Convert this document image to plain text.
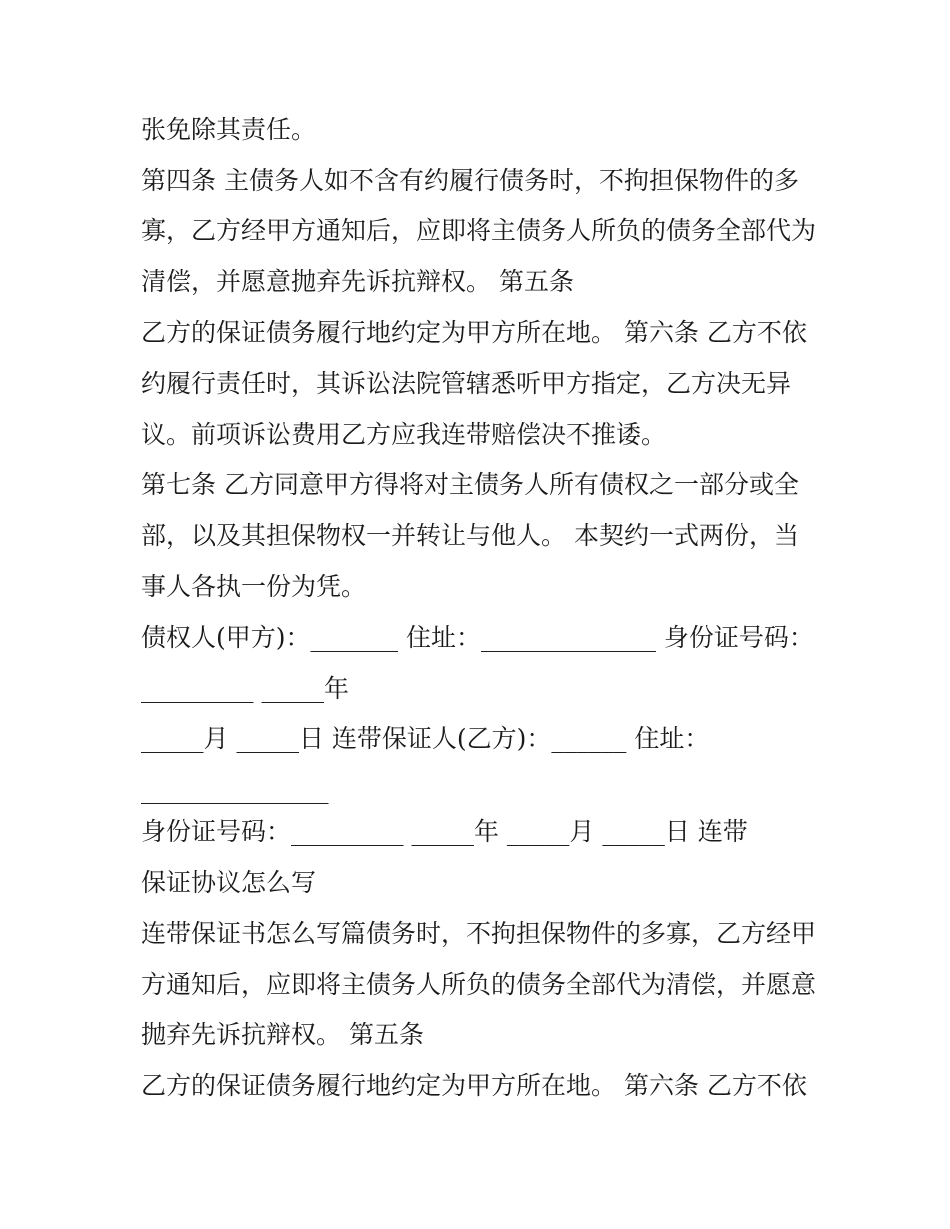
张免除其责任。
第四条 主债务人如不含有约履行债务时，不拘担保物件的多
寡，乙方经甲方通知后，应即将主债务人所负的债务全部代为
清偿，并愿意抛弃先诉抗辩权。 第五条
乙方的保证债务履行地约定为甲方所在地。 第六条 乙方不依
约履行责任时，其诉讼法院管辖悉听甲方指定，乙方决无异
议。前项诉讼费用乙方应我连带赔偿决不推诿。
第七条 乙方同意甲方得将对主债务人所有债权之一部分或全
部，以及其担保物权一并转让与他人。 本契约一式两份，当
事人各执一份为凭。
债权人(甲方)：_______ 住址：______________ 身份证号码：
_________ _____年
_____月 _____日 连带保证人(乙方)：______ 住址：
_______________
身份证号码：_________ _____年 _____月 _____日 连带
保证协议怎么写
连带保证书怎么写篇债务时，不拘担保物件的多寡，乙方经甲
方通知后，应即将主债务人所负的债务全部代为清偿，并愿意
抛弃先诉抗辩权。 第五条
乙方的保证债务履行地约定为甲方所在地。 第六条 乙方不依
